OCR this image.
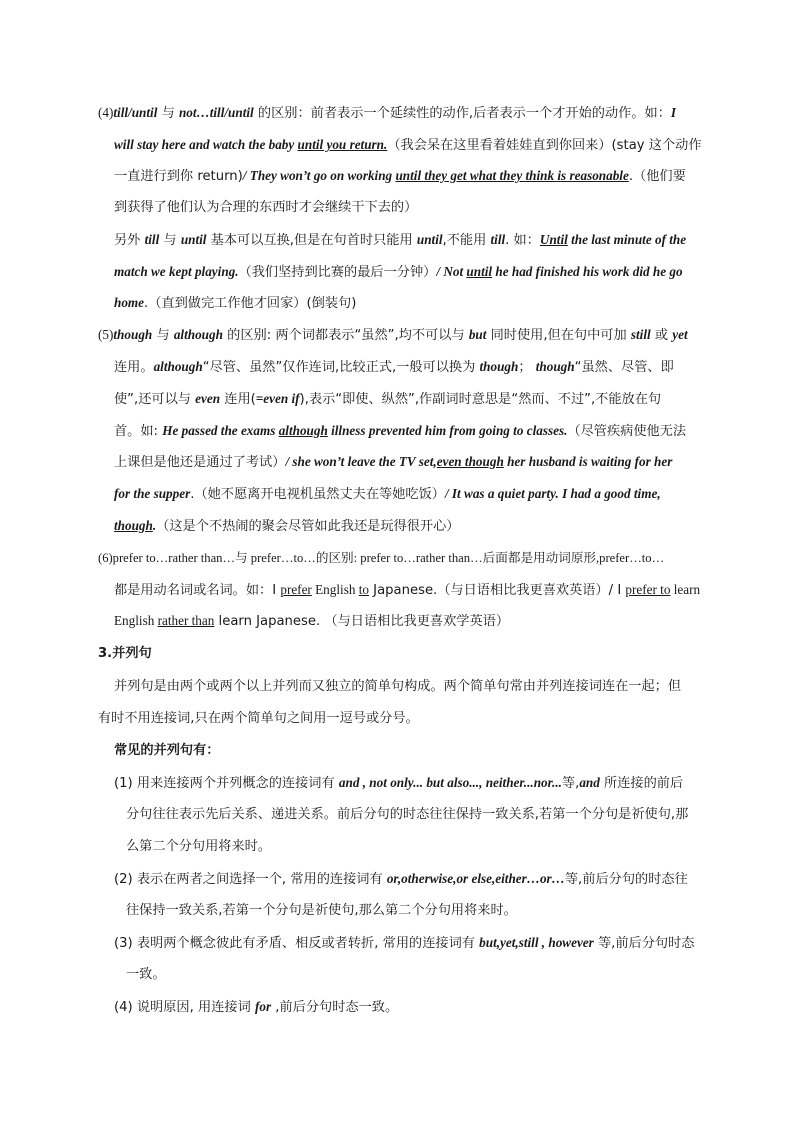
(4)till/until 与 not…till/until 的区别：前者表示一个延续性的动作,后者表示一个才开始的动作。如：I
will stay here and watch the baby until you return.（我会呆在这里看着娃娃直到你回来）(stay 这个动作
一直进行到你 return)/ They won’t go on working until they get what they think is reasonable.（他们要
到获得了他们认为合理的东西时才会继续干下去的）
另外 till 与 until 基本可以互换,但是在句首时只能用 until,不能用 till. 如：Until the last minute of the
match we kept playing.（我们坚持到比赛的最后一分钟）/ Not until he had finished his work did he go
home.（直到做完工作他才回家）(倒装句)
(5)though 与 although 的区别: 两个词都表示“虽然”,均不可以与 but 同时使用,但在句中可加 still 或 yet
连用。although“尽管、虽然”仅作连词,比较正式,一般可以换为 though； though“虽然、尽管、即
使”,还可以与 even 连用(=even if),表示“即使、纵然”,作副词时意思是“然而、不过”,不能放在句
首。如: He passed the exams although illness prevented him from going to classes.（尽管疾病使他无法
上课但是他还是通过了考试）/ she won’t leave the TV set,even though her husband is waiting for her
for the supper.（她不愿离开电视机虽然丈夫在等她吃饭）/ It was a quiet party. I had a good time,
though.（这是个不热闹的聚会尽管如此我还是玩得很开心）
(6)prefer to…rather than…与 prefer…to…的区别: prefer to…rather than…后面都是用动词原形,prefer…to…
都是用动名词或名词。如：I prefer English to Japanese.（与日语相比我更喜欢英语）/ I prefer to learn
English rather than learn Japanese. （与日语相比我更喜欢学英语）
3.并列句
并列句是由两个或两个以上并列而又独立的简单句构成。两个简单句常由并列连接词连在一起；但
有时不用连接词,只在两个简单句之间用一逗号或分号。
常见的并列句有：
(1) 用来连接两个并列概念的连接词有 and , not only... but also..., neither...nor...等,and 所连接的前后
分句往往表示先后关系、递进关系。前后分句的时态往往保持一致关系,若第一个分句是祈使句,那
么第二个分句用将来时。
(2) 表示在两者之间选择一个, 常用的连接词有 or,otherwise,or else,either…or…等,前后分句的时态往
往保持一致关系,若第一个分句是祈使句,那么第二个分句用将来时。
(3) 表明两个概念彼此有矛盾、相反或者转折, 常用的连接词有 but,yet,still , however 等,前后分句时态
一致。
(4) 说明原因, 用连接词 for ,前后分句时态一致。
